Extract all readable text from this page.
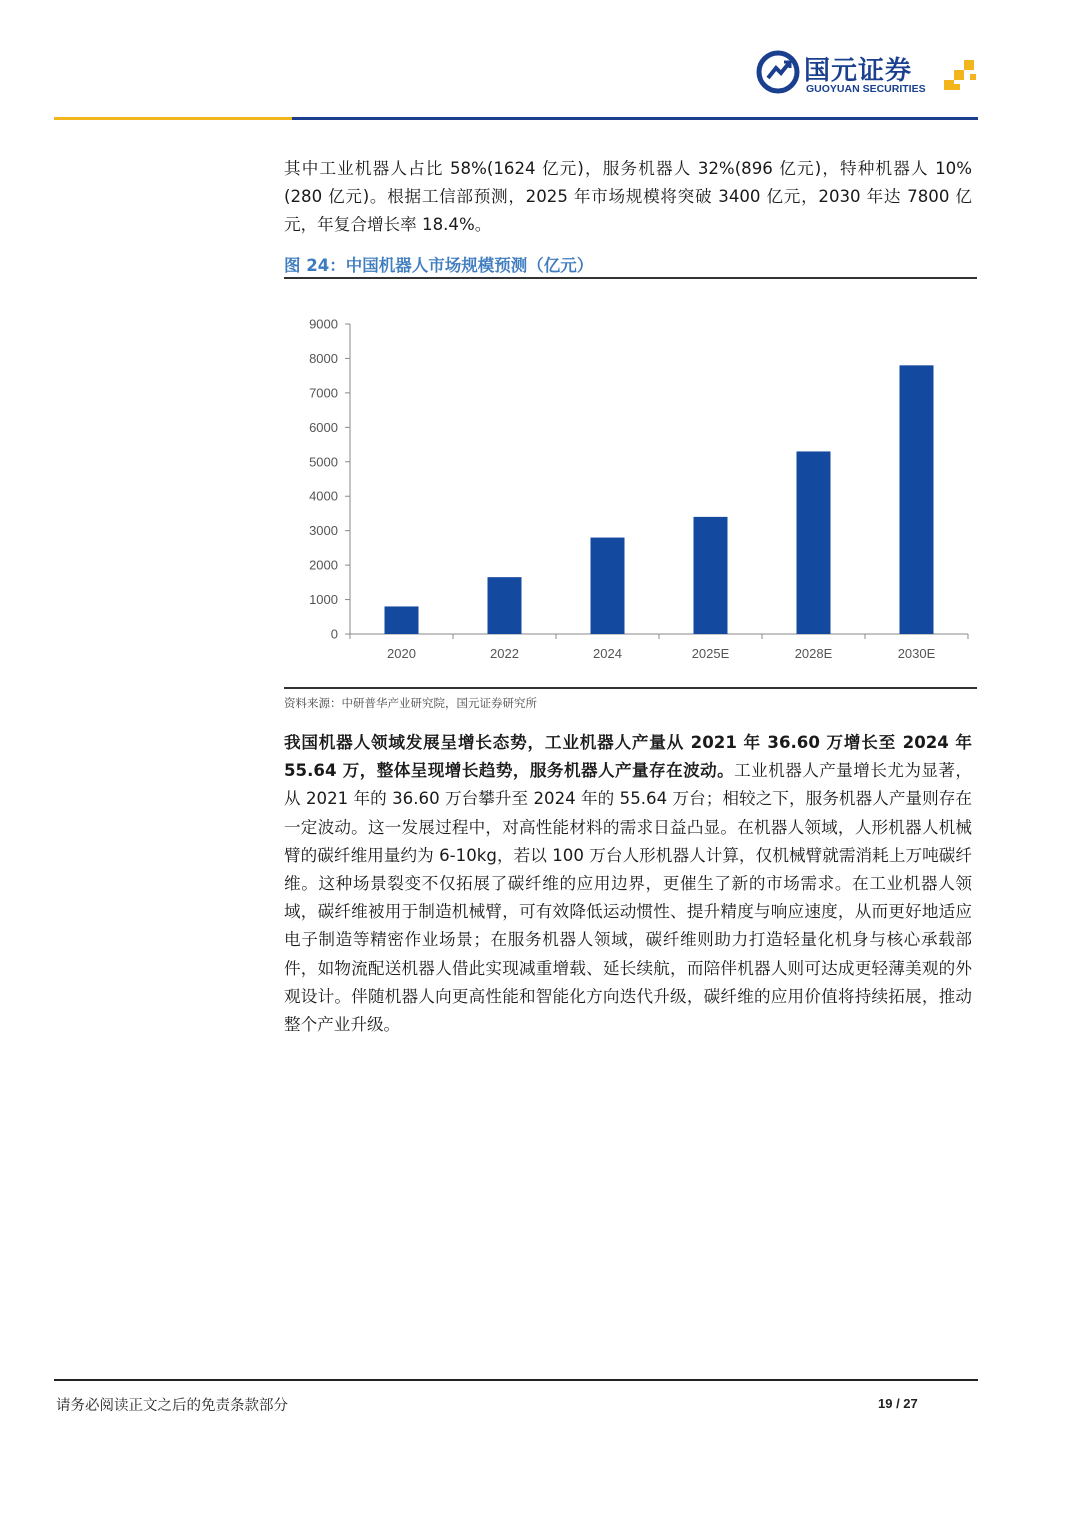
国元证券
GUOYUAN SECURITIES
其中工业机器人占比 58%(1624 亿元)，服务机器人 32%(896 亿元)，特种机器人 10%(280 亿元)。根据工信部预测，2025 年市场规模将突破 3400 亿元，2030 年达 7800 亿元，年复合增长率 18.4%。
图 24：中国机器人市场规模预测（亿元）
0
1000
2000
3000
4000
5000
6000
7000
8000
9000
2020	2022	2024	2025E	2028E	2030E
资料来源：中研普华产业研究院，国元证券研究所
我国机器人领域发展呈增长态势，工业机器人产量从 2021 年 36.60 万增长至 2024 年 55.64 万，整体呈现增长趋势，服务机器人产量存在波动。工业机器人产量增长尤为显著，从 2021 年的 36.60 万台攀升至 2024 年的 55.64 万台；相较之下，服务机器人产量则存在一定波动。这一发展过程中，对高性能材料的需求日益凸显。在机器人领域，人形机器人机械臂的碳纤维用量约为 6-10kg，若以 100 万台人形机器人计算，仅机械臂就需消耗上万吨碳纤维。这种场景裂变不仅拓展了碳纤维的应用边界，更催生了新的市场需求。在工业机器人领域，碳纤维被用于制造机械臂，可有效降低运动惯性、提升精度与响应速度，从而更好地适应电子制造等精密作业场景；在服务机器人领域，碳纤维则助力打造轻量化机身与核心承载部件，如物流配送机器人借此实现减重增载、延长续航，而陪伴机器人则可达成更轻薄美观的外观设计。伴随机器人向更高性能和智能化方向迭代升级，碳纤维的应用价值将持续拓展，推动整个产业升级。
请务必阅读正文之后的免责条款部分	19 / 27
